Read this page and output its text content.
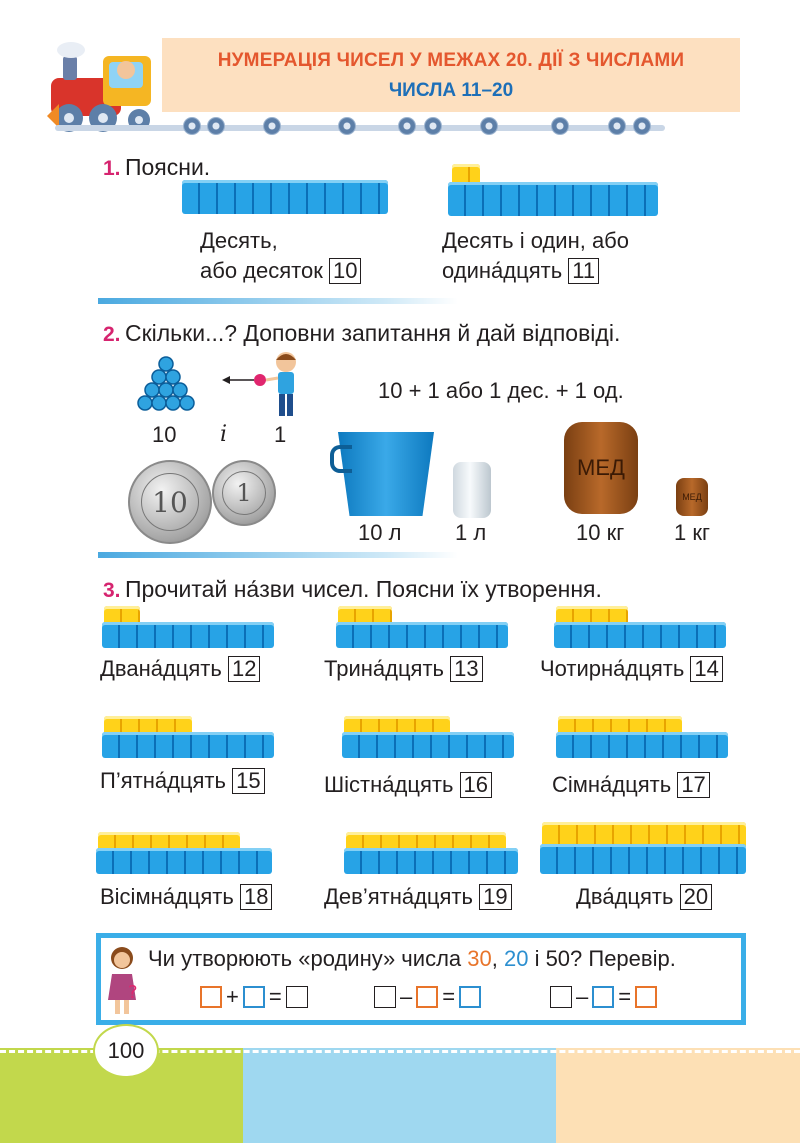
НУМЕРАЦІЯ ЧИСЕЛ У МЕЖАХ 20. ДІЇ З ЧИСЛАМИ
ЧИСЛА 11–20
1. Поясни.
Десять,
або десяток 10
Десять і один, або
одина́дцять 11
2. Скільки...? Доповни запитання й дай відповіді.
10 і 1
10 + 1 або 1 дес. + 1 од.
10	1
10 л 1 л
МЕД
МЕД
10 кг 1 кг
3. Прочитай на́зви чисел. Поясни їх утворення.
Двана́дцять 12	Трина́дцять 13	Чотирна́дцять 14
П’ятна́дцять 15	Шістна́дцять 16	Сімна́дцять 17
Вісімна́дцять 18	Дев’ятна́дцять 19	Два́дцять 20
?
Чи утворюють «родину» числа 30, 20 і 50? Перевір.
+ =	– =	– =
100
